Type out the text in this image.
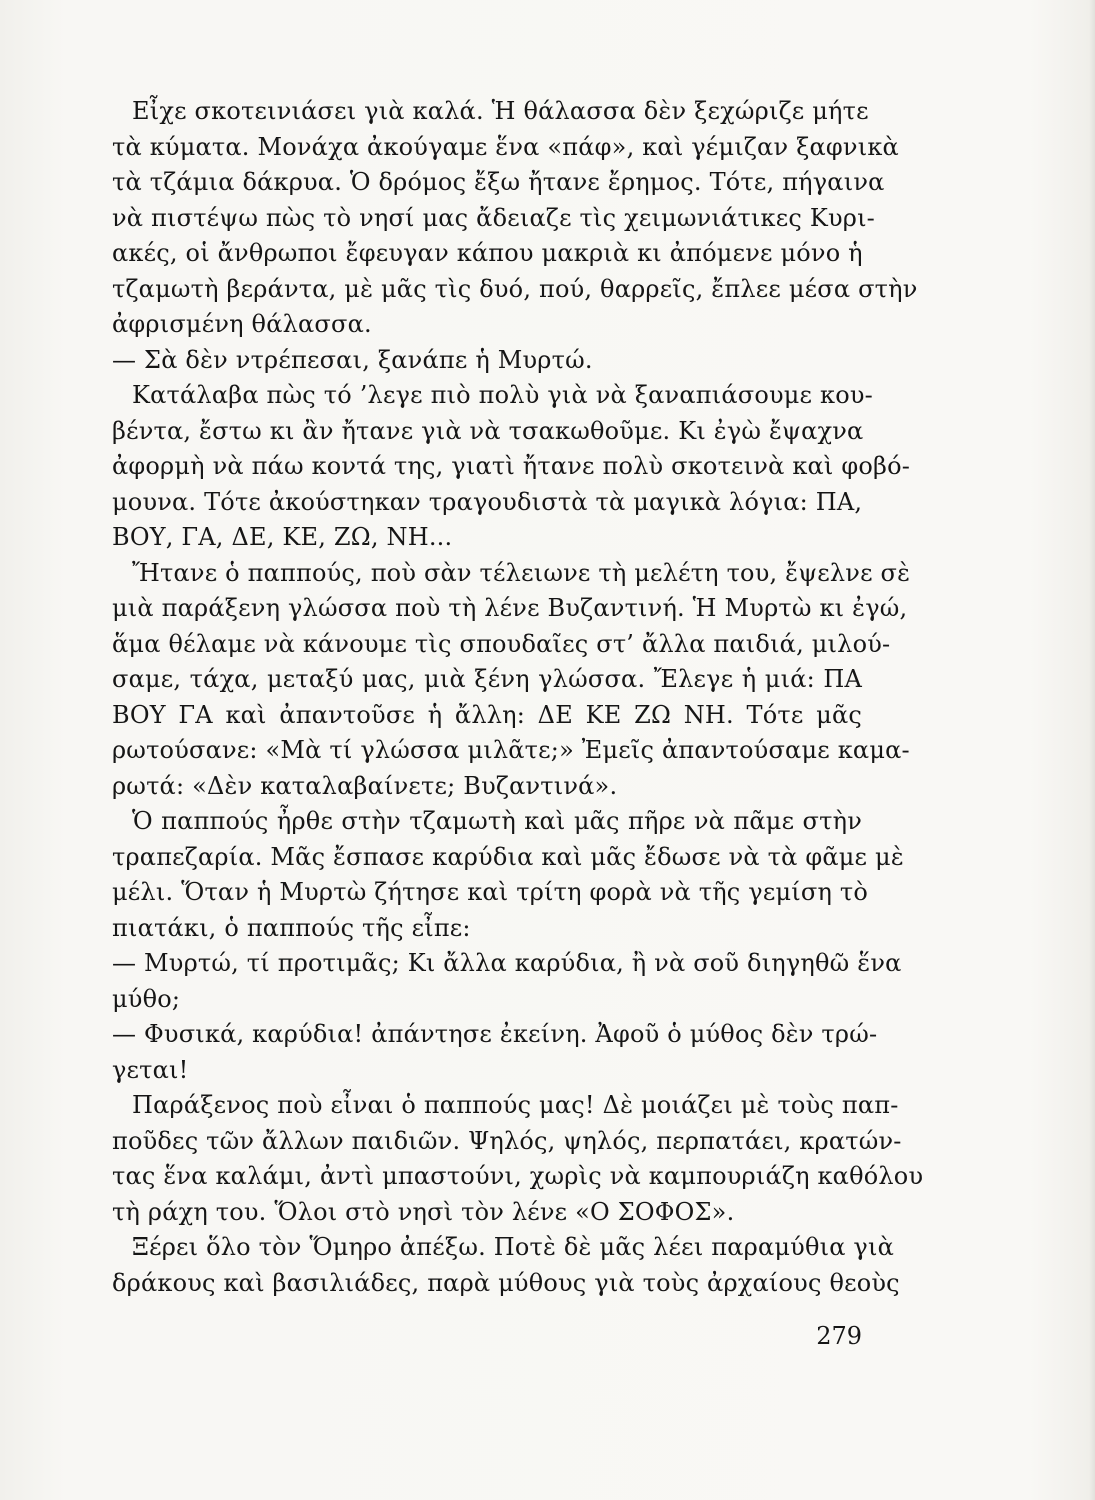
Εἶχε σκοτεινιάσει γιὰ καλά. Ἡ θάλασσα δὲν ξεχώριζε μήτε
τὰ κύματα. Μονάχα ἀκούγαμε ἕνα «πάφ», καὶ γέμιζαν ξαφνικὰ
τὰ τζάμια δάκρυα. Ὁ δρόμος ἔξω ἤτανε ἔρημος. Τότε, πήγαινα
νὰ πιστέψω πὼς τὸ νησί μας ἄδειαζε τὶς χειμωνιάτικες Κυρι-
ακές, οἱ ἄνθρωποι ἔφευγαν κάπου μακριὰ κι ἀπόμενε μόνο ἡ
τζαμωτὴ βεράντα, μὲ μᾶς τὶς δυό, πού, θαρρεῖς, ἔπλεε μέσα στὴν
ἀφρισμένη θάλασσα.
— Σὰ δὲν ντρέπεσαι, ξανάπε ἡ Μυρτώ.
Κατάλαβα πὼς τό ’λεγε πιὸ πολὺ γιὰ νὰ ξαναπιάσουμε κου-
βέντα, ἔστω κι ἂν ἤτανε γιὰ νὰ τσακωθοῦμε. Κι ἐγὼ ἔψαχνα
ἀφορμὴ νὰ πάω κοντά της, γιατὶ ἤτανε πολὺ σκοτεινὰ καὶ φοβό-
μουνα. Τότε ἀκούστηκαν τραγουδιστὰ τὰ μαγικὰ λόγια: ΠΑ,
ΒΟΥ, ΓΑ, ΔΕ, ΚΕ, ΖΩ, ΝΗ...
Ἤτανε ὁ παππούς, ποὺ σὰν τέλειωνε τὴ μελέτη του, ἔψελνε σὲ
μιὰ παράξενη γλώσσα ποὺ τὴ λένε Βυζαντινή. Ἡ Μυρτὼ κι ἐγώ,
ἅμα θέλαμε νὰ κάνουμε τὶς σπουδαῖες στ’ ἄλλα παιδιά, μιλού-
σαμε, τάχα, μεταξύ μας, μιὰ ξένη γλώσσα. Ἔλεγε ἡ μιά: ΠΑ
ΒΟΥ ΓΑ καὶ ἀπαντοῦσε ἡ ἄλλη: ΔΕ ΚΕ ΖΩ ΝΗ. Τότε μᾶς
ρωτούσανε: «Μὰ τί γλώσσα μιλᾶτε;» Ἐμεῖς ἀπαντούσαμε καμα-
ρωτά: «Δὲν καταλαβαίνετε; Βυζαντινά».
Ὁ παππούς ἦρθε στὴν τζαμωτὴ καὶ μᾶς πῆρε νὰ πᾶμε στὴν
τραπεζαρία. Μᾶς ἔσπασε καρύδια καὶ μᾶς ἔδωσε νὰ τὰ φᾶμε μὲ
μέλι. Ὅταν ἡ Μυρτὼ ζήτησε καὶ τρίτη φορὰ νὰ τῆς γεμίση τὸ
πιατάκι, ὁ παππούς τῆς εἶπε:
— Μυρτώ, τί προτιμᾶς; Κι ἄλλα καρύδια, ἢ νὰ σοῦ διηγηθῶ ἕνα
μύθο;
— Φυσικά, καρύδια! ἀπάντησε ἐκείνη. Ἀφοῦ ὁ μύθος δὲν τρώ-
γεται!
Παράξενος ποὺ εἶναι ὁ παππούς μας! Δὲ μοιάζει μὲ τοὺς παπ-
ποῦδες τῶν ἄλλων παιδιῶν. Ψηλός, ψηλός, περπατάει, κρατών-
τας ἕνα καλάμι, ἀντὶ μπαστούνι, χωρὶς νὰ καμπουριάζη καθόλου
τὴ ράχη του. Ὅλοι στὸ νησὶ τὸν λένε «Ο ΣΟΦΟΣ».
Ξέρει ὅλο τὸν Ὅμηρο ἀπέξω. Ποτὲ δὲ μᾶς λέει παραμύθια γιὰ
δράκους καὶ βασιλιάδες, παρὰ μύθους γιὰ τοὺς ἀρχαίους θεοὺς
279
